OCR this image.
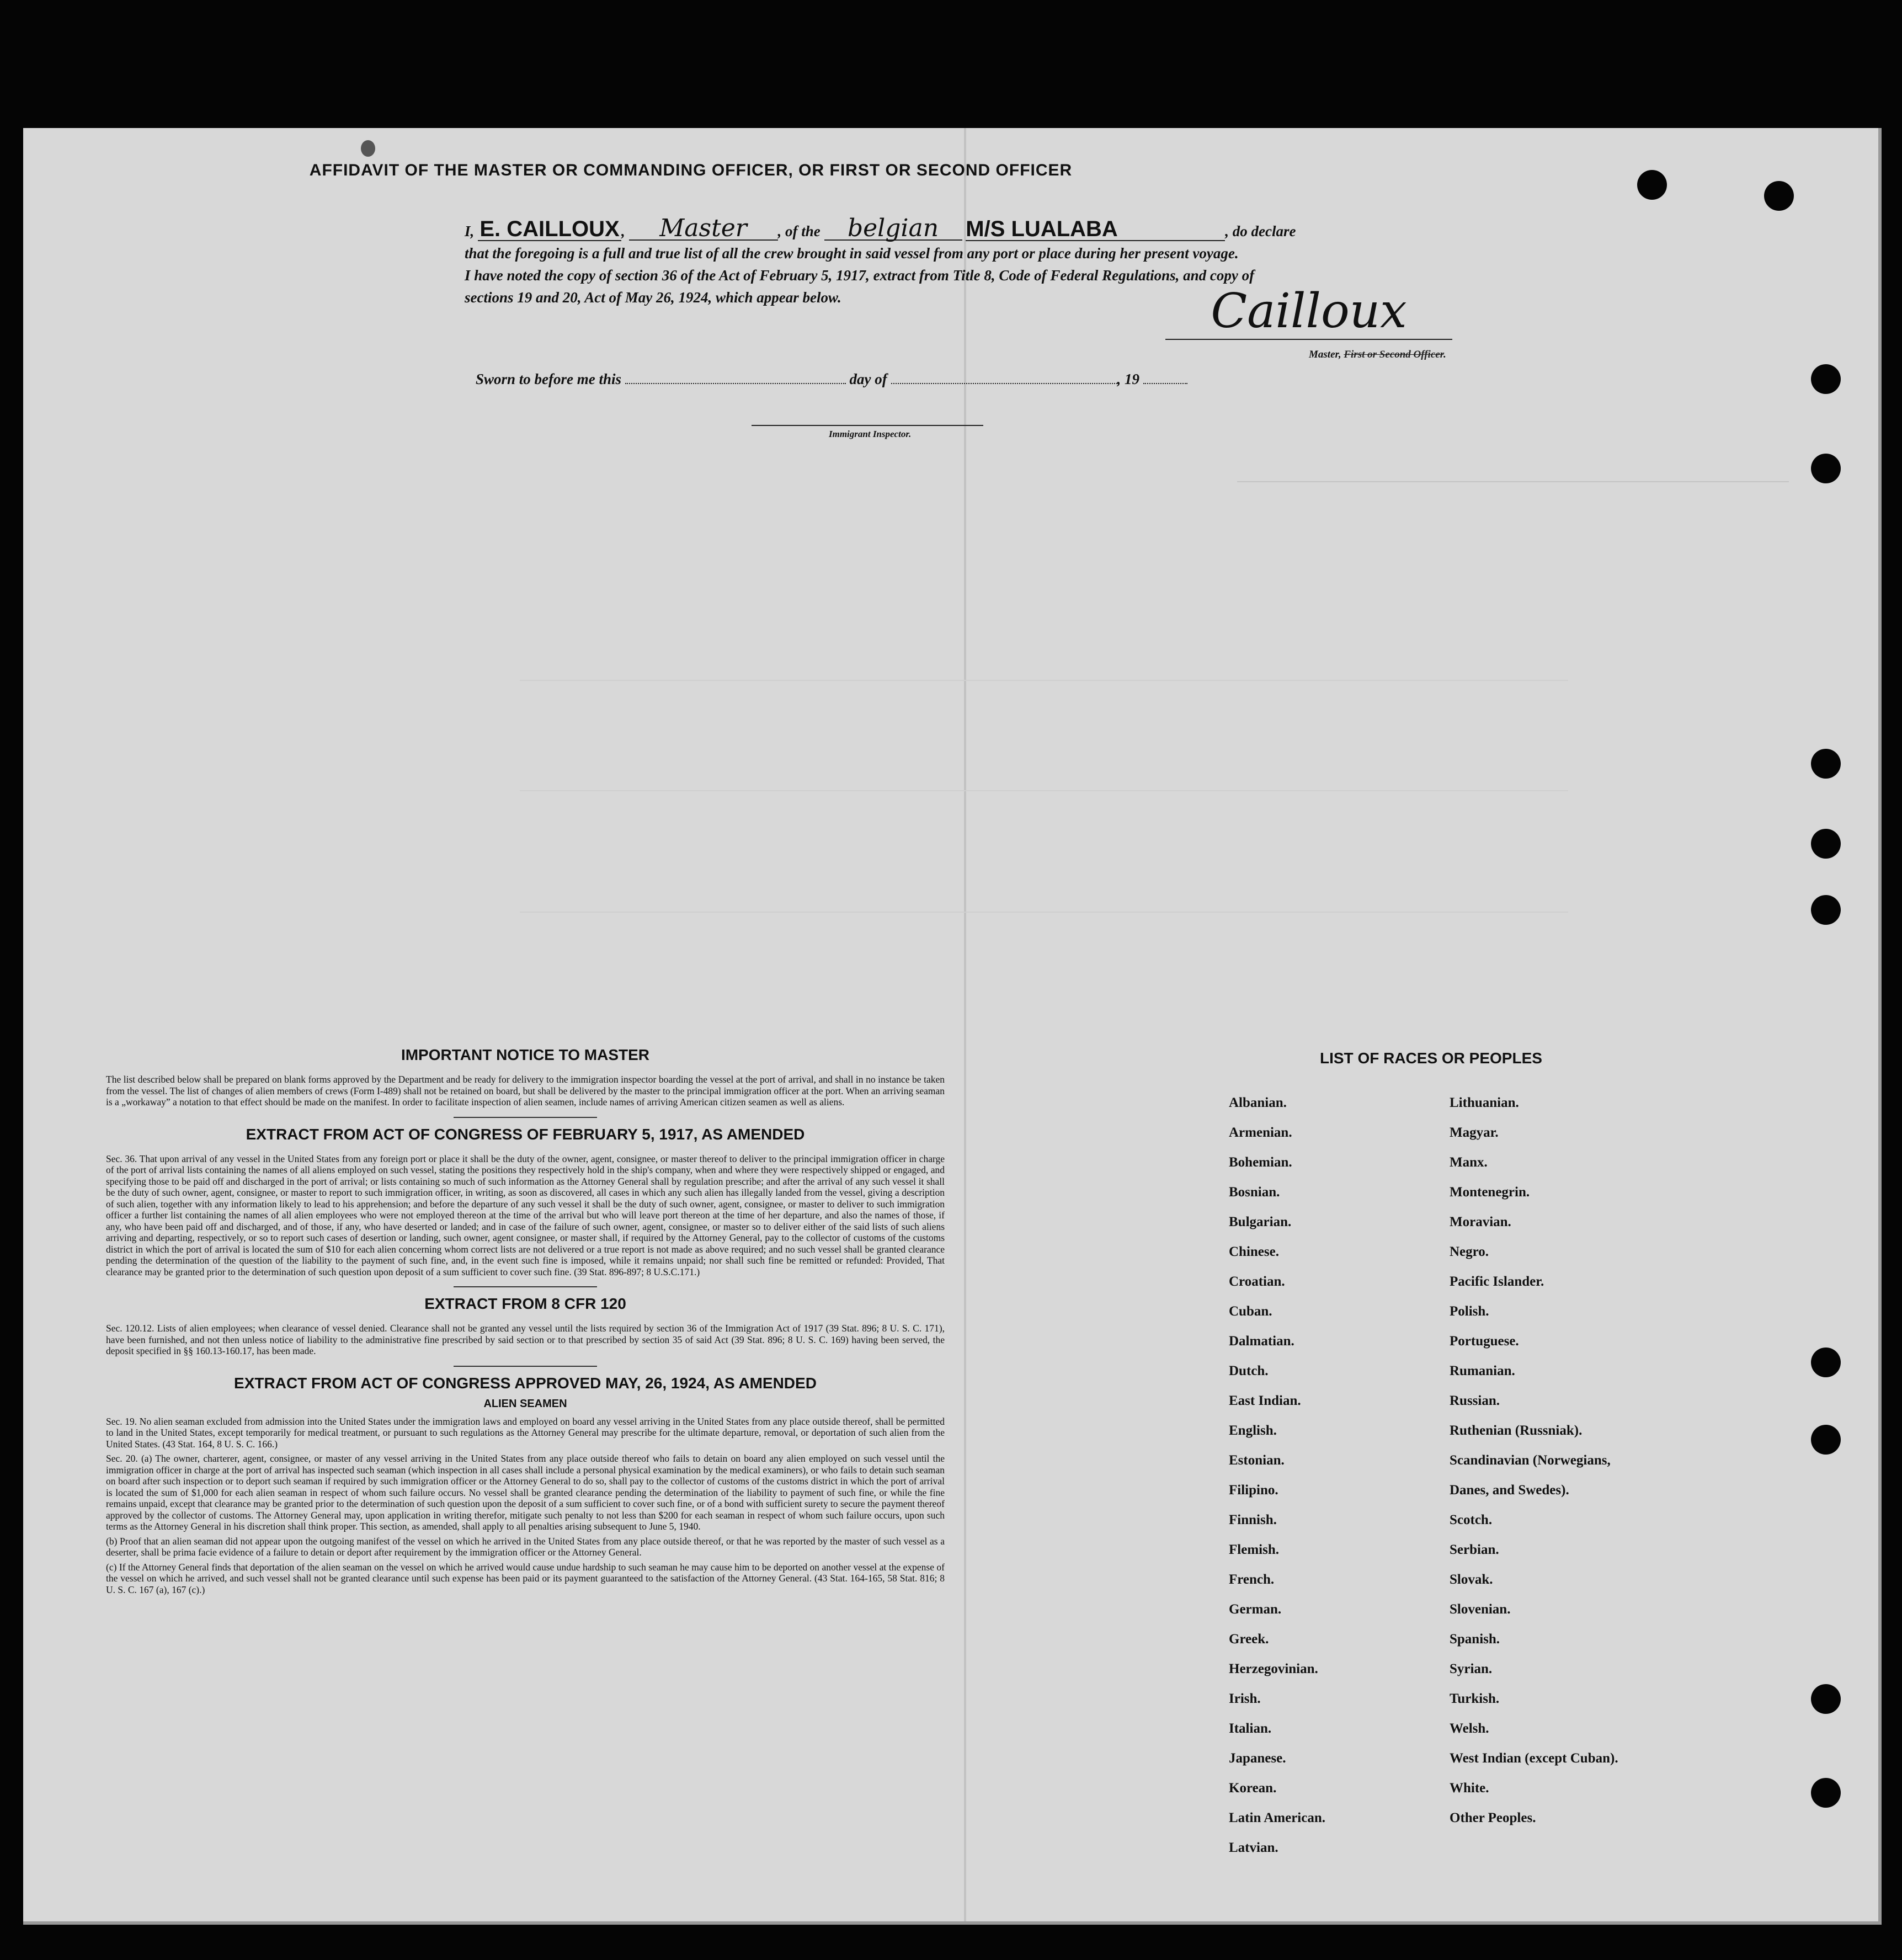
AFFIDAVIT OF THE MASTER OR COMMANDING OFFICER, OR FIRST OR SECOND OFFICER
I, E. CAILLOUX , Master , of the belgian M/S LUALABA	, do declare
that the foregoing is a full and true list of all the crew brought in said vessel from any port or place during her present voyage.
I have noted the copy of section 36 of the Act of February 5, 1917, extract from Title 8, Code of Federal Regulations, and copy of
sections 19 and 20, Act of May 26, 1924, which appear below.	Cailloux
Master, First or Second Officer.
Sworn to before me this	day of	, 19
Immigrant Inspector.
IMPORTANT NOTICE TO MASTER

The list described below shall be prepared on blank forms approved by the Department and be ready for delivery to the immigration inspector boarding the vessel at the port of arrival, and shall in no instance be taken from the vessel. The list of changes of alien members of crews (Form I-489) shall not be retained on board, but shall be delivered by the master to the principal immigration officer at the port. When an arriving seaman is a „workaway” a notation to that effect should be made on the manifest. In order to facilitate inspection of alien seamen, include names of arriving American citizen seamen as well as aliens.

EXTRACT FROM ACT OF CONGRESS OF FEBRUARY 5, 1917, AS AMENDED

Sec. 36. That upon arrival of any vessel in the United States from any foreign port or place it shall be the duty of the owner, agent, consignee, or master thereof to deliver to the principal immigration officer in charge of the port of arrival lists containing the names of all aliens employed on such vessel, stating the positions they respectively hold in the ship's company, when and where they were respectively shipped or engaged, and specifying those to be paid off and discharged in the port of arrival; or lists containing so much of such information as the Attorney General shall by regulation prescribe; and after the arrival of any such vessel it shall be the duty of such owner, agent, consignee, or master to report to such immigration officer, in writing, as soon as discovered, all cases in which any such alien has illegally landed from the vessel, giving a description of such alien, together with any information likely to lead to his apprehension; and before the departure of any such vessel it shall be the duty of such owner, agent, consignee, or master to deliver to such immigration officer a further list containing the names of all alien employees who were not employed thereon at the time of the arrival but who will leave port thereon at the time of her departure, and also the names of those, if any, who have been paid off and discharged, and of those, if any, who have deserted or landed; and in case of the failure of such owner, agent, consignee, or master so to deliver either of the said lists of such aliens arriving and departing, respectively, or so to report such cases of desertion or landing, such owner, agent consignee, or master shall, if required by the Attorney General, pay to the collector of customs of the customs district in which the port of arrival is located the sum of $10 for each alien concerning whom correct lists are not delivered or a true report is not made as above required; and no such vessel shall be granted clearance pending the determination of the question of the liability to the payment of such fine, and, in the event such fine is imposed, while it remains unpaid; nor shall such fine be remitted or refunded: Provided, That clearance may be granted prior to the determination of such question upon deposit of a sum sufficient to cover such fine. (39 Stat. 896-897; 8 U.S.C.171.)

EXTRACT FROM 8 CFR 120

Sec. 120.12. Lists of alien employees; when clearance of vessel denied. Clearance shall not be granted any vessel until the lists required by section 36 of the Immigration Act of 1917 (39 Stat. 896; 8 U. S. C. 171), have been furnished, and not then unless notice of liability to the administrative fine prescribed by said section or to that prescribed by section 35 of said Act (39 Stat. 896; 8 U. S. C. 169) having been served, the deposit specified in §§ 160.13-160.17, has been made.

EXTRACT FROM ACT OF CONGRESS APPROVED MAY, 26, 1924, AS AMENDED
ALIEN SEAMEN

Sec. 19. No alien seaman excluded from admission into the United States under the immigration laws and employed on board any vessel arriving in the United States from any place outside thereof, shall be permitted to land in the United States, except temporarily for medical treatment, or pursuant to such regulations as the Attorney General may prescribe for the ultimate departure, removal, or deportation of such alien from the United States. (43 Stat. 164, 8 U. S. C. 166.)

Sec. 20. (a) The owner, charterer, agent, consignee, or master of any vessel arriving in the United States from any place outside thereof who fails to detain on board any alien employed on such vessel until the immigration officer in charge at the port of arrival has inspected such seaman (which inspection in all cases shall include a personal physical examination by the medical examiners), or who fails to detain such seaman on board after such inspection or to deport such seaman if required by such immigration officer or the Attorney General to do so, shall pay to the collector of customs of the customs district in which the port of arrival is located the sum of $1,000 for each alien seaman in respect of whom such failure occurs. No vessel shall be granted clearance pending the determination of the liability to payment of such fine, or while the fine remains unpaid, except that clearance may be granted prior to the determination of such question upon the deposit of a sum sufficient to cover such fine, or of a bond with sufficient surety to secure the payment thereof approved by the collector of customs. The Attorney General may, upon application in writing therefor, mitigate such penalty to not less than $200 for each seaman in respect of whom such failure occurs, upon such terms as the Attorney General in his discretion shall think proper. This section, as amended, shall apply to all penalties arising subsequent to June 5, 1940.

(b) Proof that an alien seaman did not appear upon the outgoing manifest of the vessel on which he arrived in the United States from any place outside thereof, or that he was reported by the master of such vessel as a deserter, shall be prima facie evidence of a failure to detain or deport after requirement by the immigration officer or the Attorney General.

(c) If the Attorney General finds that deportation of the alien seaman on the vessel on which he arrived would cause undue hardship to such seaman he may cause him to be deported on another vessel at the expense of the vessel on which he arrived, and such vessel shall not be granted clearance until such expense has been paid or its payment guaranteed to the satisfaction of the Attorney General. (43 Stat. 164-165, 58 Stat. 816; 8 U. S. C. 167 (a), 167 (c).)

LIST OF RACES OR PEOPLES
Albanian.
Armenian.
Bohemian.
Bosnian.
Bulgarian.
Chinese.
Croatian.
Cuban.
Dalmatian.
Dutch.
East Indian.
English.
Estonian.
Filipino.
Finnish.
Flemish.
French.
German.
Greek.
Herzegovinian.
Irish.
Italian.
Japanese.
Korean.
Latin American.
Latvian.
Lithuanian.
Magyar.
Manx.
Montenegrin.
Moravian.
Negro.
Pacific Islander.
Polish.
Portuguese.
Rumanian.
Russian.
Ruthenian (Russniak).
Scandinavian (Norwegians,
Danes, and Swedes).
Scotch.
Serbian.
Slovak.
Slovenian.
Spanish.
Syrian.
Turkish.
Welsh.
West Indian (except Cuban).
White.
Other Peoples.
